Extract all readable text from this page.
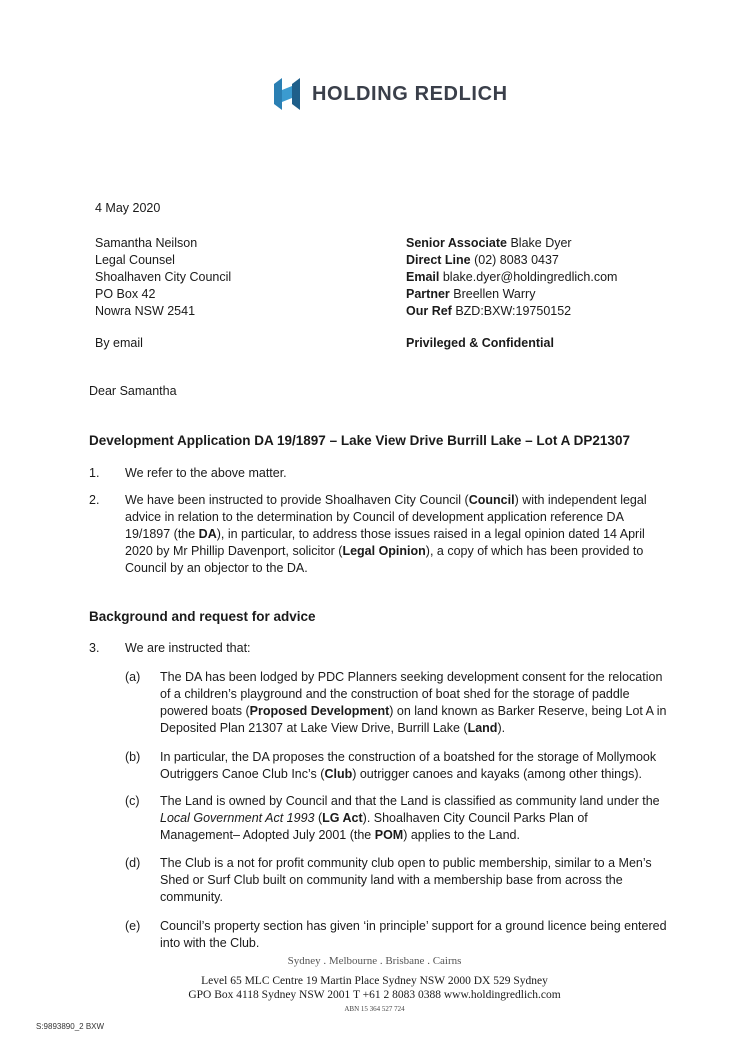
HOLDING REDLICH
4 May 2020
Samantha Neilson
Legal Counsel
Shoalhaven City Council
PO Box 42
Nowra NSW 2541
By email
Senior Associate Blake Dyer
Direct Line (02) 8083 0437
Email blake.dyer@holdingredlich.com
Partner Breellen Warry
Our Ref BZD:BXW:19750152
Privileged & Confidential
Dear Samantha
Development Application DA 19/1897 – Lake View Drive Burrill Lake – Lot A DP21307
1. We refer to the above matter.
2. We have been instructed to provide Shoalhaven City Council (Council) with independent legal advice in relation to the determination by Council of development application reference DA 19/1897 (the DA), in particular, to address those issues raised in a legal opinion dated 14 April 2020 by Mr Phillip Davenport, solicitor (Legal Opinion), a copy of which has been provided to Council by an objector to the DA.
Background and request for advice
3. We are instructed that:
(a) The DA has been lodged by PDC Planners seeking development consent for the relocation of a children’s playground and the construction of boat shed for the storage of paddle powered boats (Proposed Development) on land known as Barker Reserve, being Lot A in Deposited Plan 21307 at Lake View Drive, Burrill Lake (Land).
(b) In particular, the DA proposes the construction of a boatshed for the storage of Mollymook Outriggers Canoe Club Inc’s (Club) outrigger canoes and kayaks (among other things).
(c) The Land is owned by Council and that the Land is classified as community land under the Local Government Act 1993 (LG Act). Shoalhaven City Council Parks Plan of Management– Adopted July 2001 (the POM) applies to the Land.
(d) The Club is a not for profit community club open to public membership, similar to a Men’s Shed or Surf Club built on community land with a membership base from across the community.
(e) Council’s property section has given ‘in principle’ support for a ground licence being entered into with the Club.
Sydney . Melbourne . Brisbane . Cairns
Level 65 MLC Centre 19 Martin Place Sydney NSW 2000 DX 529 Sydney
GPO Box 4118 Sydney NSW 2001 T +61 2 8083 0388 www.holdingredlich.com
ABN 15 364 527 724
S:9893890_2 BXW
